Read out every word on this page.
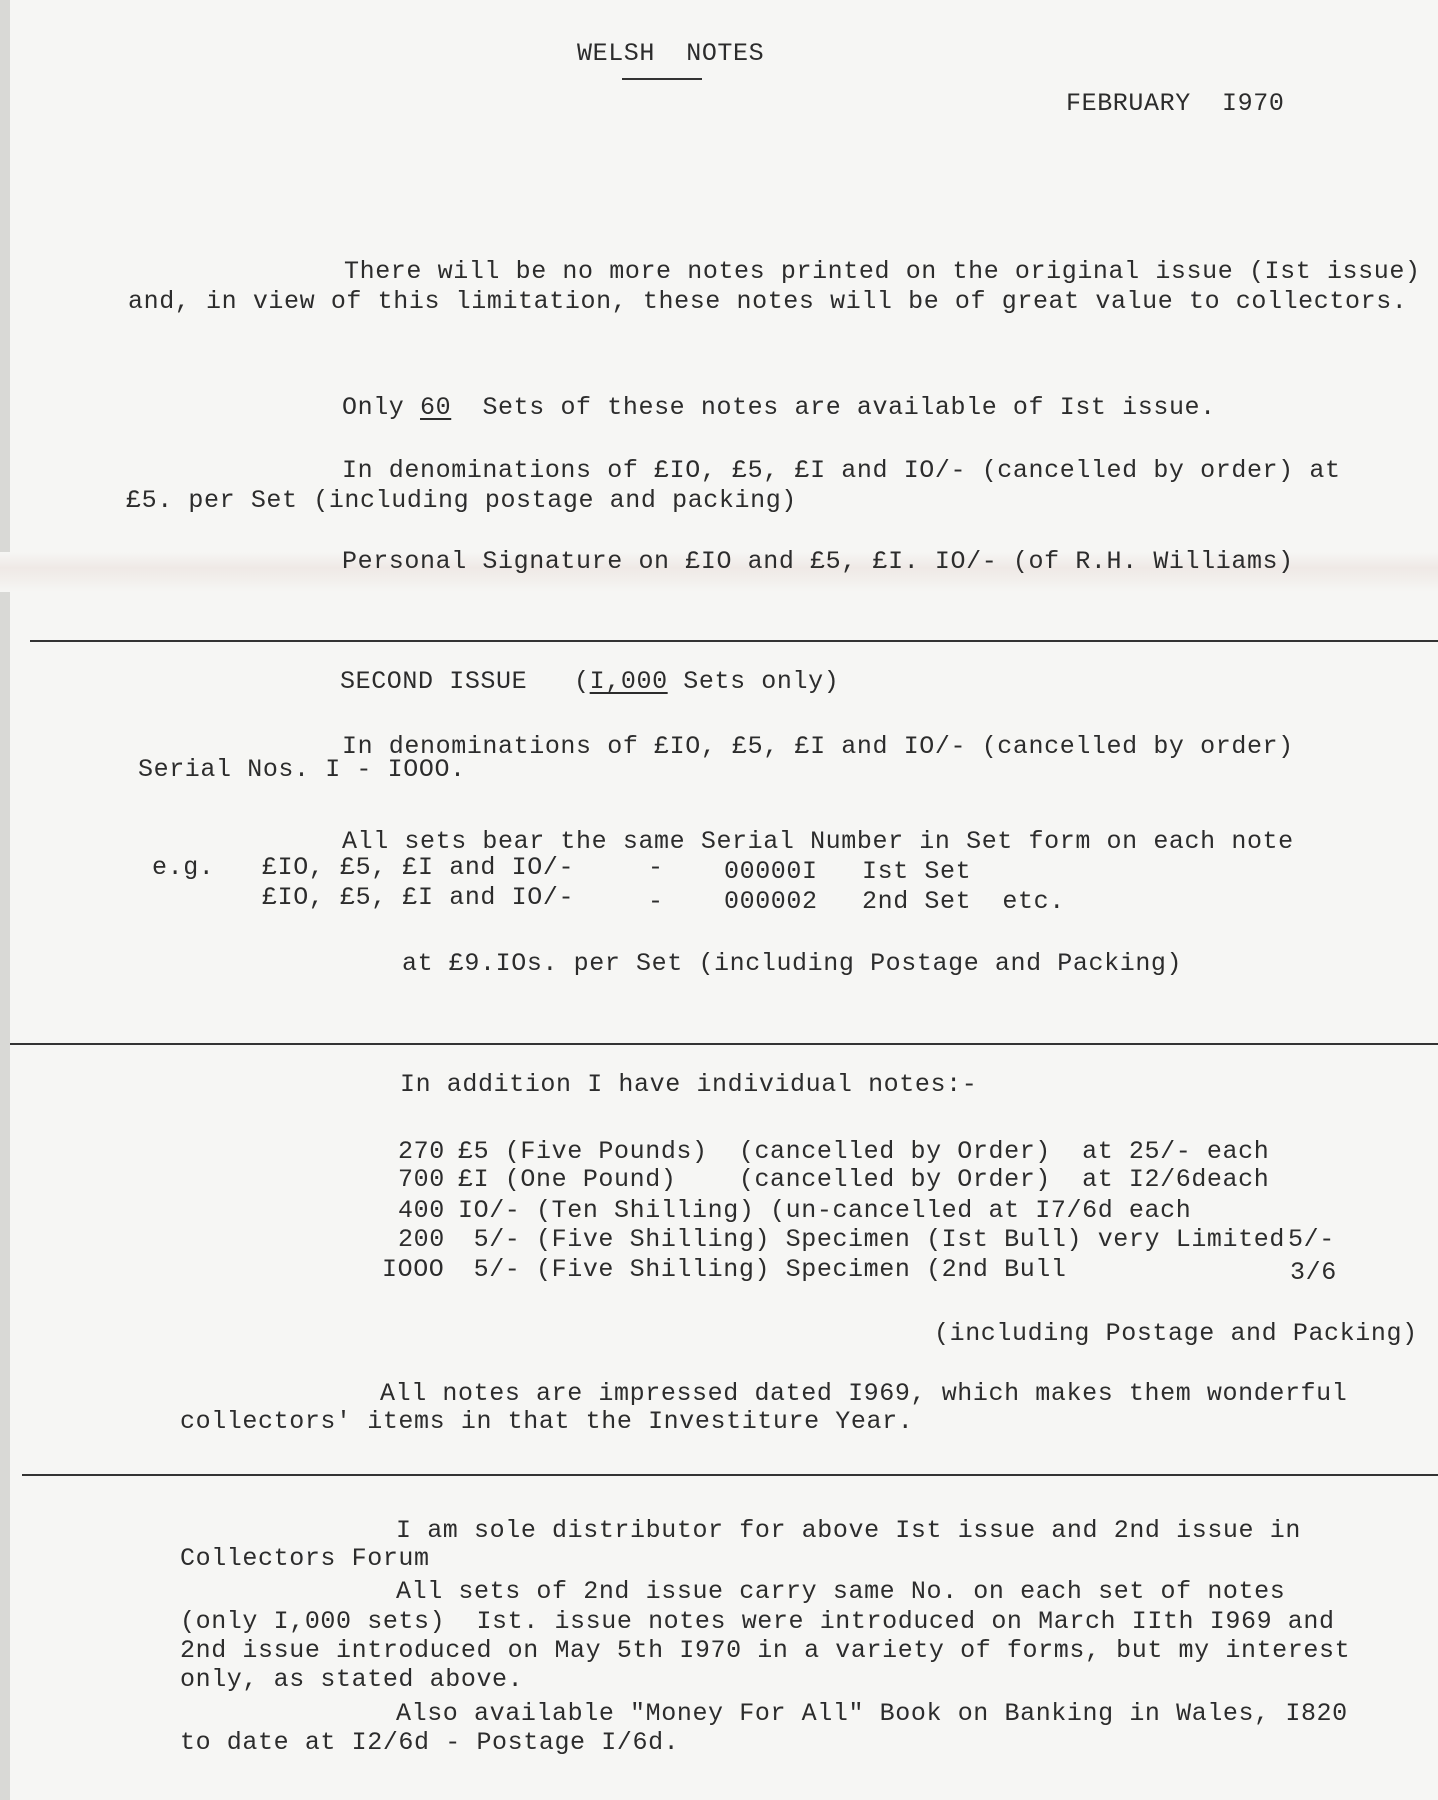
WELSH  NOTES
FEBRUARY  I970
There will be no more notes printed on the original issue (Ist issue)
and, in view of this limitation, these notes will be of great value to collectors.
Only 60  Sets of these notes are available of Ist issue.
In denominations of £IO, £5, £I and IO/- (cancelled by order) at
£5. per Set (including postage and packing)
Personal Signature on £IO and £5, £I. IO/- (of R.H. Williams)
SECOND ISSUE (I,000 Sets only)
In denominations of £IO, £5, £I and IO/- (cancelled by order)
Serial Nos. I - IOOO.
All sets bear the same Serial Number in Set form on each note
e.g. £IO, £5, £I and IO/-	- 00000I Ist Set
£IO, £5, £I and IO/-	- 000002 2nd Set  etc.
at £9.IOs. per Set (including Postage and Packing)
In addition I have individual notes:-
270 £5 (Five Pounds)  (cancelled by Order)  at 25/- each
700 £I (One Pound)    (cancelled by Order)  at I2/6deach
400 IO/- (Ten Shilling) (un-cancelled at I7/6d each
200 5/- (Five Shilling) Specimen (Ist Bull) very Limited 5/-
IOOO 5/- (Five Shilling) Specimen (2nd Bull	3/6
(including Postage and Packing)
All notes are impressed dated I969, which makes them wonderful
collectors' items in that the Investiture Year.
I am sole distributor for above Ist issue and 2nd issue in
Collectors Forum
All sets of 2nd issue carry same No. on each set of notes
(only I,000 sets)  Ist. issue notes were introduced on March IIth I969 and
2nd issue introduced on May 5th I970 in a variety of forms, but my interest
only, as stated above.
Also available "Money For All" Book on Banking in Wales, I820
to date at I2/6d - Postage I/6d.
